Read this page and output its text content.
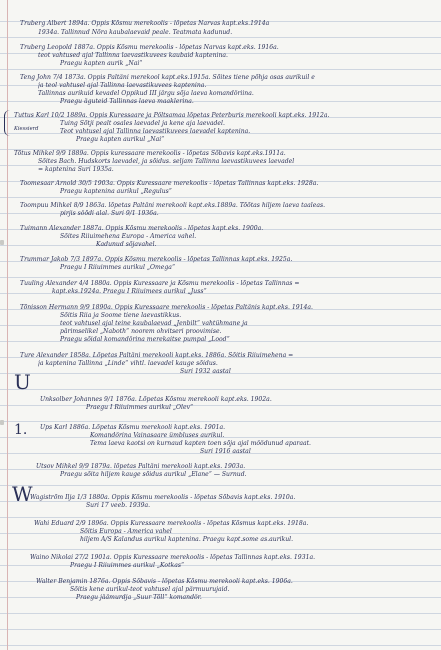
Kiessierd
U
1.
W
Truberg Albert 1894a. Oppis Kõsmu merekoolis - lõpetas Narvas kapt.eks.1914a
1934a. Tallinnud Nõra kaubalaevaid peale. Teatmata kadunud.
Truberg Leopold 1887a. Oppis Kõsmu merekoolis - lõpetas Narvas kapt.eks. 1916a.
teot vahtused ajal Tallinna laevastikuvees kaubaid kaptenina.
Praegu kapten aurik „Nai“
Teng John 7/4 1873a. Oppis Paltäni merekool kapt.eks.1915a. Sõites tiene põhja osas aurikuil e
ja teol vahtusel ajal Tallinna laevastikuvees kaptenina.
Tallinnas aurikuid kevadel Oppikud III järgu sõja laeva komandöriina.
Praegu äguteid Tallinnas laeva maaklerina.
Tuttus Karl 10/2 1889a. Oppis Kuressaare ja Pöltsamaa lõpetas Peterburis merekooli kapt.eks. 1912a.
Tuing Sõtji pealt osales laevadel ja kene aja laevadel.
Teot vahtusel ajal Tallinna laevastikuvees laevadel kaptenina.
Praegu kapten aurikul „Nai“
Tõtus Mihkel 9/9 1889a. Oppis kuressaare merekoolis - lõpetas Sõbavis kapt.eks.1911a.
Sõites Bach. Hudskorts laevadel, ja sõidus. seljam Tallinna laevastikuvees laevadel
= kaptenina Suri 1935a.
Toomesaar Arnold 30/5 1903a. Oppis Kuressaare merekoolis - lõpetas Tallinnas kapt.eks. 1928a.
Praegu kaptenina aurikul „Regulus“
Toompuu Mihkel 8/9 1863a. lõpetas Paltäni merekooli kapt.eks.1889a. Tõõtas hiljem laeva taaleas.
pirjis söõdi alal. Suri 9/1 1936a.
Tuimann Alexander 1887a. Oppis Kõsmu merekoolis - lõpetas kapt.eks. 1900a.
Sõites Riiuimehena Europa - America vahel.
Kadunud sõjavahel.
Trummar Jakob 7/3 1897a. Oppis Kõsmu merekoolis - lõpetas Tallinnas kapt.eks. 1925a.
Praegu I Riiuimmes aurikul „Omega“
Tuuling Alexander 4/4 1880a. Oppis Kuressaare ja Kõsmu merekoolis - lõpetas Tallinnas =
kapt.eks.1924a. Praegu I Riiuimees aurikul „Juss“
Tõnisson Hermann 9/9 1890a. Oppis Kuressaare merekoolis - lõpetas Paltänis kapt.eks. 1914a.
Sõitis Riia ja Soome tiene laevastikkus.
teot vahtusel ajal teine kaubalaevad „Jenbilt“ vahtühmane ja
pärimselikel „Naboth“ noorem ohvitseri proovimise.
Praegu sõidal komandörina merekaitse pumpal „Lood“
Ture Alexander 1858a. Lõpetas Paltäni merekooli kapt.eks. 1886a. Sõitis Riiuimehena =
ja kaptenina Tallinna „Linde“ vihtl. laevadel kauge sõidus.
Suri 1932 aastal
Unksolber Johannes 9/1 1876a. Lõpetas Kõsmu merekooli kapt.eks. 1902a.
Praegu I Riiuimmes aurikul „Olev“
Ups Karl 1886a. Lõpetas Kõsmu merekooli kapt.eks. 1901a.
Komandörina Vainasaare ümbluses aurikul.
Tema laeva kaotsi on kurnaud kapten toen sõja ajal möödunud aparaat.
Suri 1916 aastal
Utsov Mihkel 9/9 1879a. lõpetas Paltäni merekooli kapt.eks. 1903a.
Praegu sõita hiljem kauge sõidus aurikul „Elane“ — Surnud.
Wagistrõm Ilja 1/3 1880a. Oppis Kõsmu merekoolis - lõpetas Sõbavis kapt.eks. 1910a.
Suri 17 veeb. 1939a.
Wahi Eduard 2/9 1896a. Oppis Kuressaare merekoolis - lõpetas Kõsmus kapt.eks. 1918a.
Sõitis Europa - America vahel
hiljem A/S Kalandus aurikul kaptenina. Praegu kapt.some as.aurikul.
Waino Nikolai 27/2 1901a. Oppis Kuressaare merekoolis - lõpetas Tallinnas kapt.eks. 1931a.
Praegu I Riiuimmes aurikul „Kotkas“
Walter Benjamin 1876a. Oppis Sõbavis - lõpetas Kõsmu merekooli kapt.eks. 1906a.
Sõitis kene aurikul-teot vahtusel ajal pärmuurujaid.
Praegu jäämurdja „Suur Tõll“ komandör.
